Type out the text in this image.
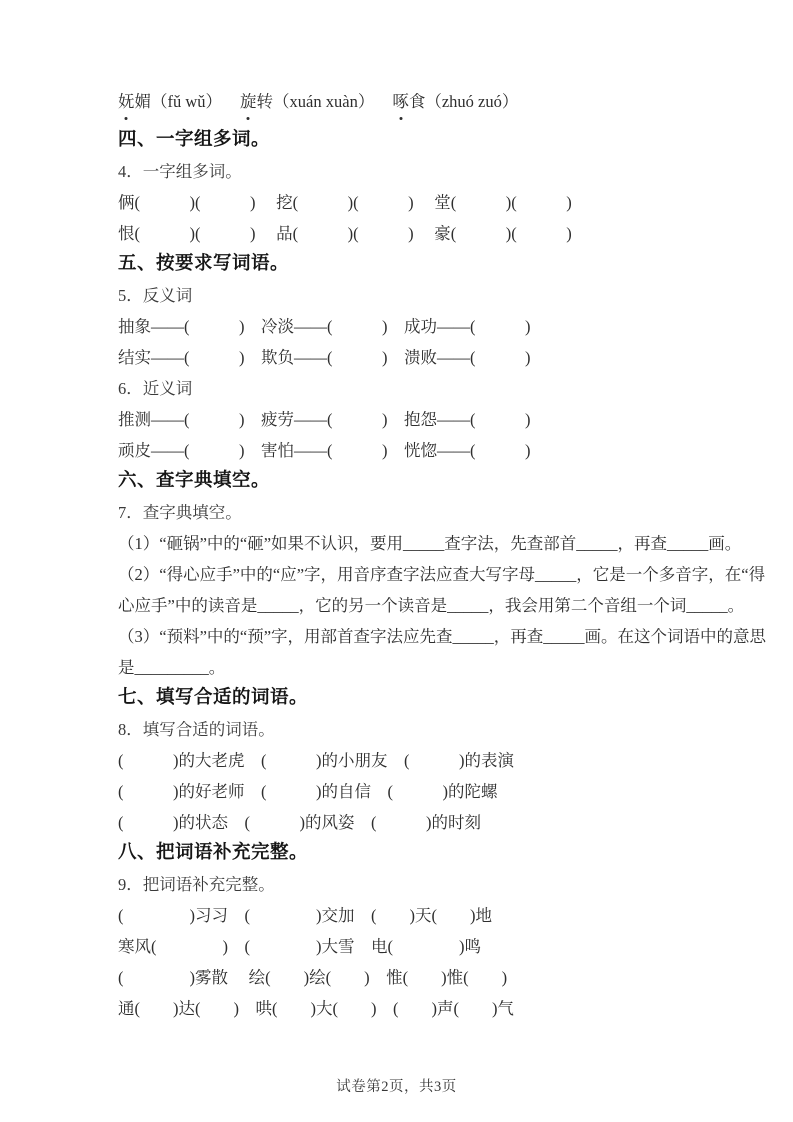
妩媚（fǔ wǔ） 旋转（xuán xuàn） 啄食（zhuó zuó）
四、一字组多词。
4．一字组多词。
俩(　　　)(　　　)　 挖(　　　)(　　　)　 堂(　　　)(　　　)
恨(　　　)(　　　)　 品(　　　)(　　　)　 豪(　　　)(　　　)
五、按要求写词语。
5．反义词
抽象——(　　　)　冷淡——(　　　)　成功——(　　　)
结实——(　　　)　欺负——(　　　)　溃败——(　　　)
6．近义词
推测——(　　　)　疲劳——(　　　)　抱怨——(　　　)
顽皮——(　　　)　害怕——(　　　)　恍惚——(　　　)
六、查字典填空。
7．查字典填空。
（1）“砸锅”中的“砸”如果不认识，要用_____查字法，先查部首_____，再查_____画。
（2）“得心应手”中的“应”字，用音序查字法应查大写字母_____，它是一个多音字，在“得
心应手”中的读音是_____，它的另一个读音是_____，我会用第二个音组一个词_____。
（3）“预料”中的“预”字，用部首查字法应先查_____，再查_____画。在这个词语中的意思
是_________。
七、填写合适的词语。
8．填写合适的词语。
(　　　)的大老虎　(　　　)的小朋友　(　　　)的表演
(　　　)的好老师　(　　　)的自信　(　　　)的陀螺
(　　　)的状态　(　　　)的风姿　(　　　)的时刻
八、把词语补充完整。
9．把词语补充完整。
(　　　　)习习　(　　　　)交加　(　　)天(　　)地
寒风(　　　　)　(　　　　)大雪　电(　　　　)鸣
(　　　　)雾散　 绘(　　)绘(　　)　惟(　　)惟(　　)
通(　　)达(　　)　哄(　　)大(　　)　(　　)声(　　)气
试卷第2页，共3页
